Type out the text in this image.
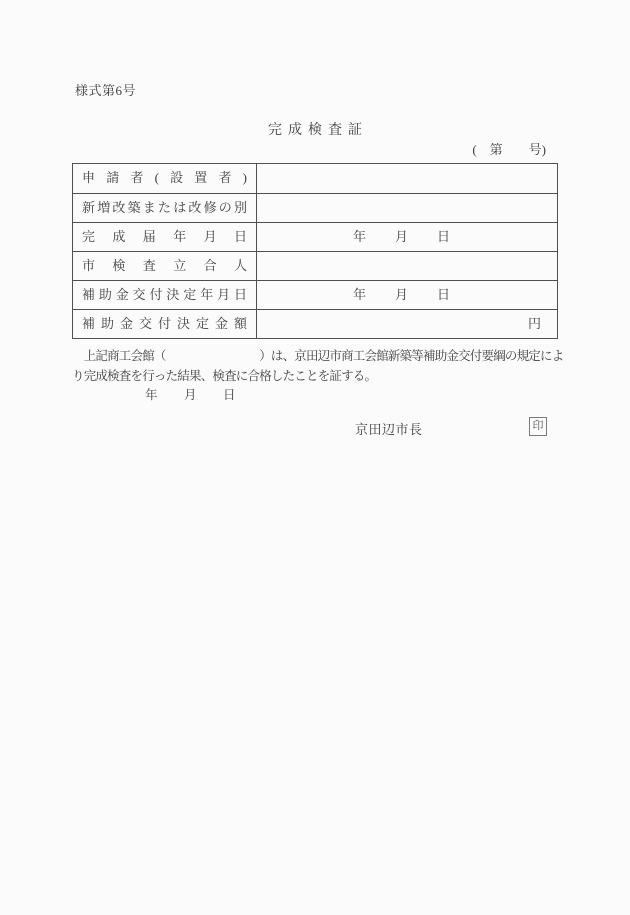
様式第6号
完成検査証
(　第　　号)
申請者(設置者)
新増改築または改修の別
完成届年月日	年　　月　　日
市検査立合人
補助金交付決定年月日	年　　月　　日
補助金交付決定金額	円
　上記商工会館（　　　　　　　　）は、京田辺市商工会館新築等補助金交付要綱の規定によ
り完成検査を行った結果、検査に合格したことを証する。
年　　月　　日
京田辺市長	印
